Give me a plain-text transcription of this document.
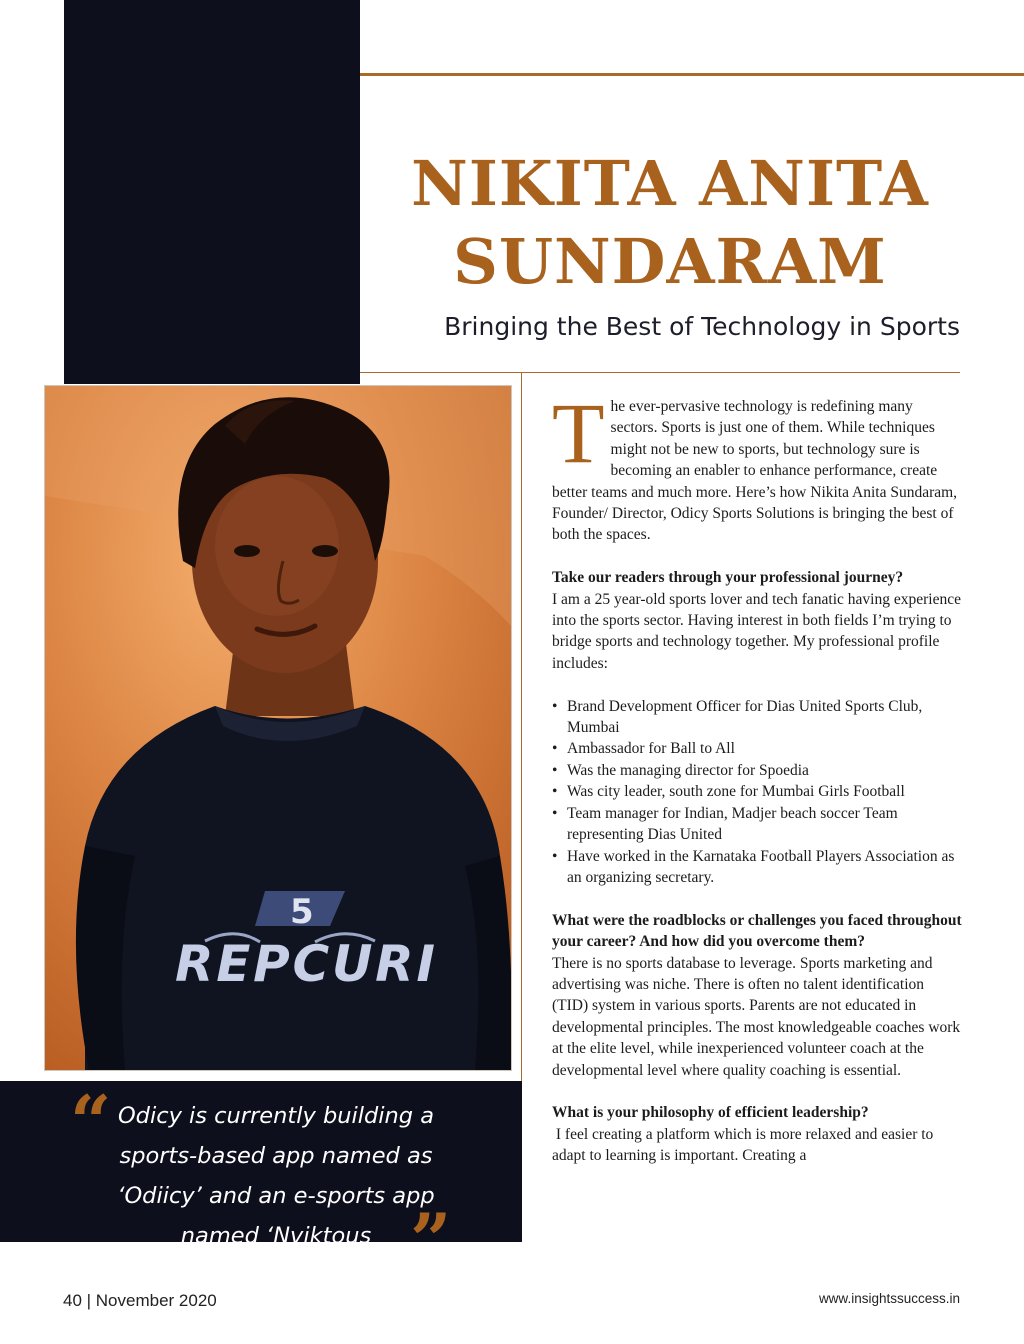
NIKITA ANITA
SUNDARAM
Bringing the Best of Technology in Sports
5
REPCURI
“ Odicy is currently building a sports-based app named as ‘Odiicy’ and an e-sports app named ‘Nviktous ”

The ever-pervasive technology is redefining many sectors. Sports is just one of them. While techniques might not be new to sports, but technology sure is becoming an enabler to enhance performance, create better teams and much more. Here’s how Nikita Anita Sundaram, Founder/ Director, Odicy Sports Solutions is bringing the best of both the spaces.

Take our readers through your professional journey?
I am a 25 year-old sports lover and tech fanatic having experience into the sports sector. Having interest in both fields I’m trying to bridge sports and technology together. My professional profile includes:

• Brand Development Officer for Dias United Sports Club, Mumbai
• Ambassador for Ball to All
• Was the managing director for Spoedia
• Was city leader, south zone for Mumbai Girls Football
• Team manager for Indian, Madjer beach soccer Team representing Dias United
• Have worked in the Karnataka Football Players Association as an organizing secretary.

What were the roadblocks or challenges you faced throughout your career? And how did you overcome them?
There is no sports database to leverage. Sports marketing and advertising was niche. There is often no talent identification (TID) system in various sports. Parents are not educated in developmental principles. The most knowledgeable coaches work at the elite level, while inexperienced volunteer coach at the developmental level where quality coaching is essential.

What is your philosophy of efficient leadership?
I feel creating a platform which is more relaxed and easier to adapt to learning is important. Creating a

40 | November 2020	www.insightssuccess.in
